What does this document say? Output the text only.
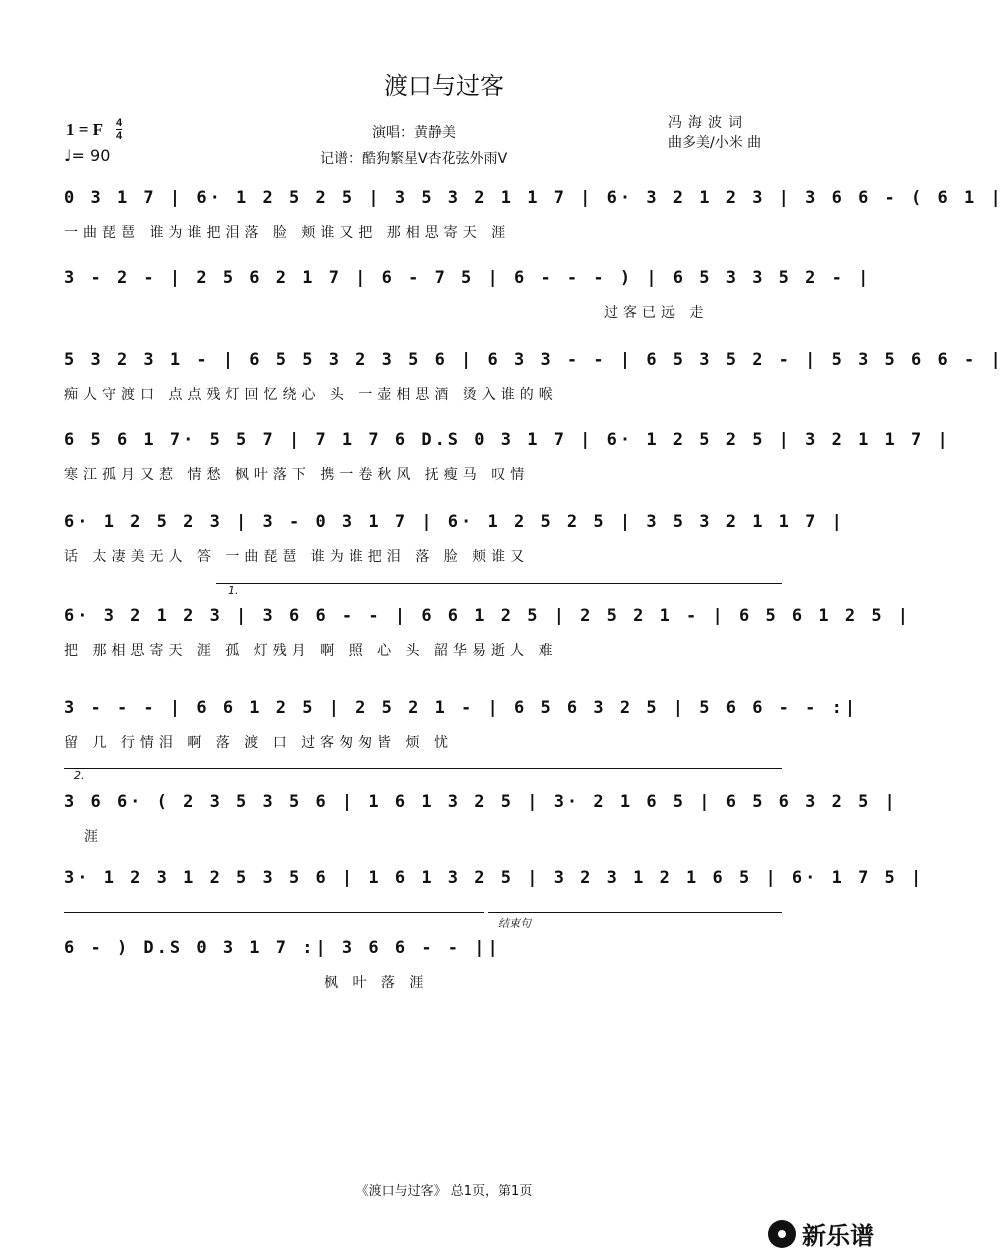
渡口与过客
1 = F 4
4
♩= 90
演唱：黄静美
记谱：酷狗繁星V杏花弦外雨V
冯海波词
曲多美/小米 曲
0 3 1 7 | 6· 1 2 5 2 5 | 3 5 3 2 1 1 7 | 6· 3 2 1 2 3 | 3 6 6 - ( 6 1 |
一曲琵琶 谁为谁把泪落 脸 颊谁又把 那相思寄天 涯
3 - 2 - | 2 5 6 2 1 7 | 6 - 7 5 | 6 - - - ) | 6 5 3 3 5 2 - |
过客已远 走
5 3 2 3 1 - | 6 5 5 3 2 3 5 6 | 6 3 3 - - | 6 5 3 5 2 - | 5 3 5 6 6 - |
痴人守渡口 点点残灯回忆绕心 头 一壶相思酒 烫入谁的喉
6 5 6 1 7· 5 5 7 | 7 1 7 6 D.S 0 3 1 7 | 6· 1 2 5 2 5 | 3 2 1 1 7 |
寒江孤月又惹 情愁 枫叶落下 携一卷秋风 抚瘦马 叹情
6· 1 2 5 2 3 | 3 - 0 3 1 7 | 6· 1 2 5 2 5 | 3 5 3 2 1 1 7 |
话 太凄美无人 答 一曲琵琶 谁为谁把泪 落 脸 颊谁又
1.
6· 3 2 1 2 3 | 3 6 6 - - | 6 6 1 2 5 | 2 5 2 1 - | 6 5 6 1 2 5 |
把 那相思寄天 涯 孤 灯残月 啊 照 心 头 韶华易逝人 难
3 - - - | 6 6 1 2 5 | 2 5 2 1 - | 6 5 6 3 2 5 | 5 6 6 - - :|
留 几 行情泪 啊 落 渡 口 过客匆匆皆 烦 忧
2.
3 6 6· ( 2 3 5 3 5 6 | 1 6 1 3 2 5 | 3· 2 1 6 5 | 6 5 6 3 2 5 |
涯
3· 1 2 3 1 2 5 3 5 6 | 1 6 1 3 2 5 | 3 2 3 1 2 1 6 5 | 6· 1 7 5 |
结束句
6 - ) D.S 0 3 1 7 :| 3 6 6 - - ||
枫 叶 落 涯
《渡口与过客》 总1页，第1页
新乐谱
